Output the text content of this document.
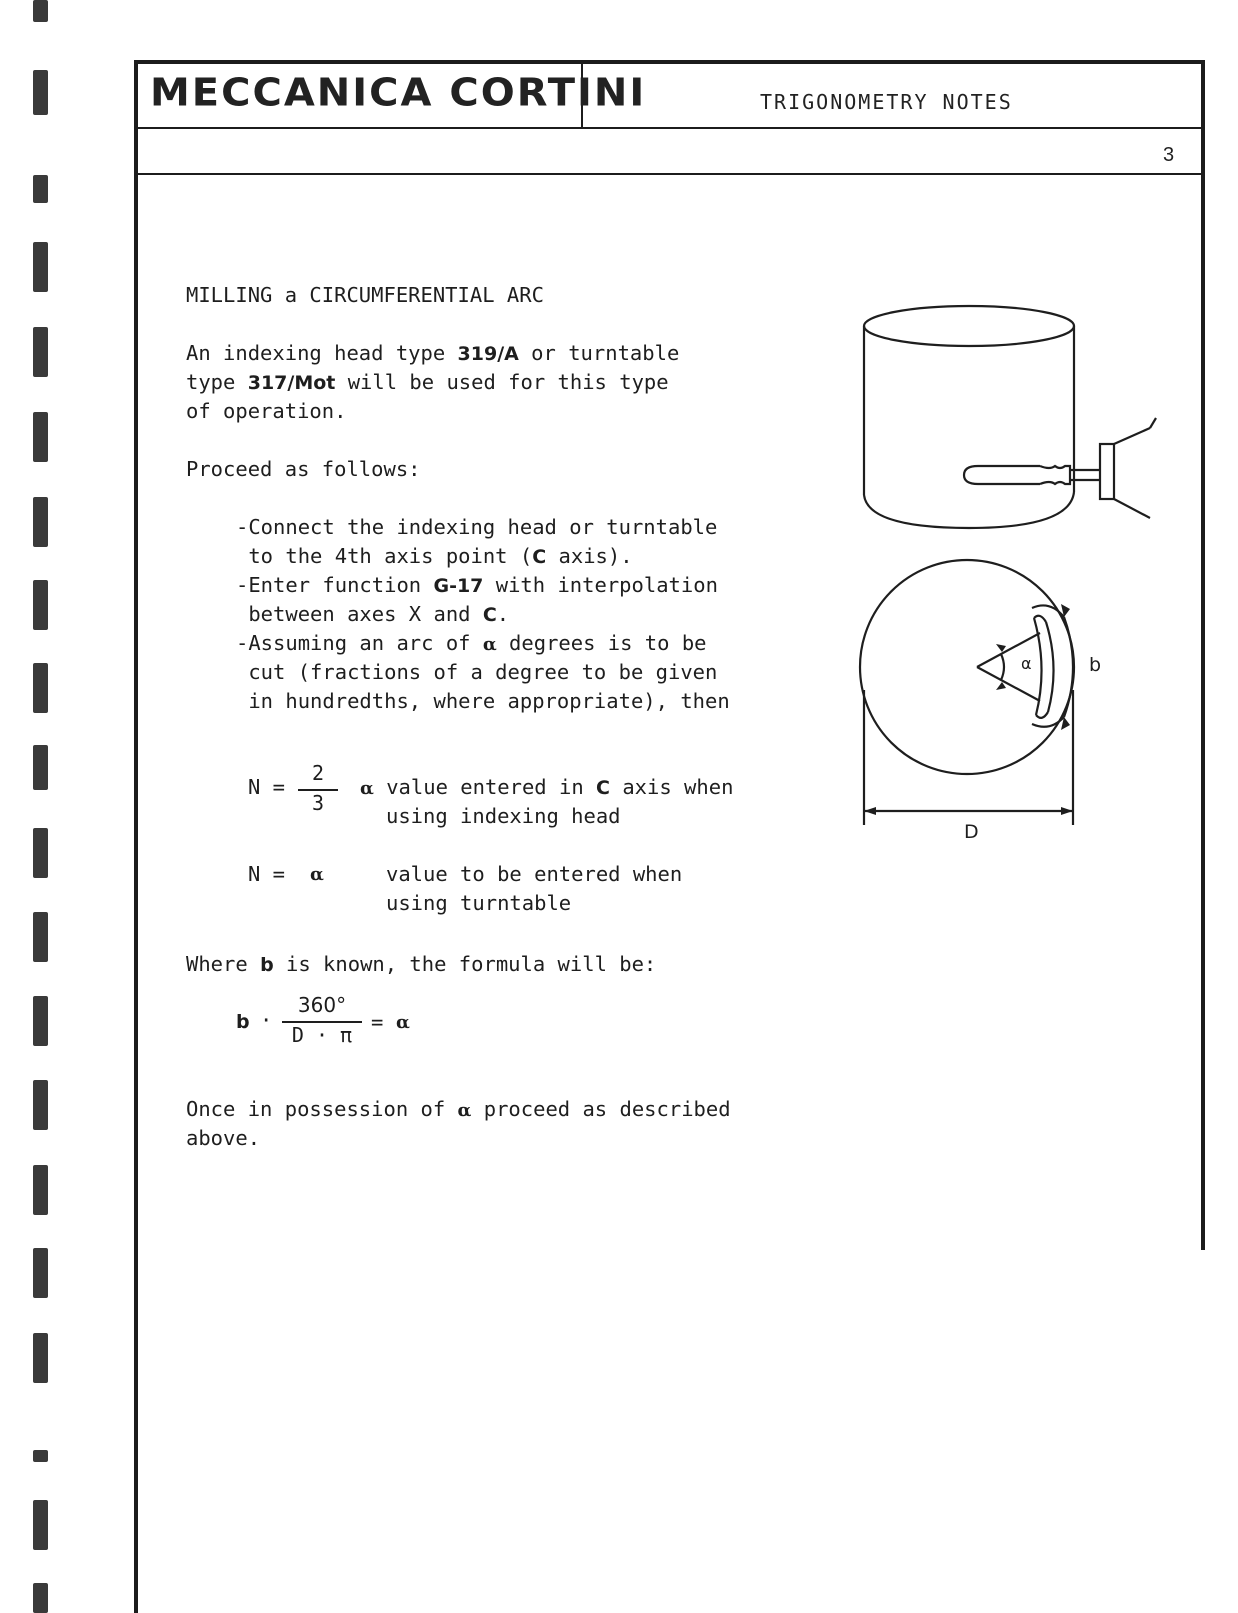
MECCANICA CORTINI	TRIGONOMETRY NOTES
3
MILLING a CIRCUMFERENTIAL ARC
An indexing head type 319/A or turntable
type 317/Mot will be used for this type
of operation.
Proceed as follows:
-Connect the indexing head or turntable
to the 4th axis point (C axis).
-Enter function G-17 with interpolation
between axes X and C.
-Assuming an arc of α degrees is to be
cut (fractions of a degree to be given
in hundredths, where appropriate), then
N =
2
3
α value entered in C axis when
using indexing head
N = α	value to be entered when
using turntable
Where b is known, the formula will be:
b ·
360°
D · π
= α
Once in possession of α proceed as described
above.
α	b
D
